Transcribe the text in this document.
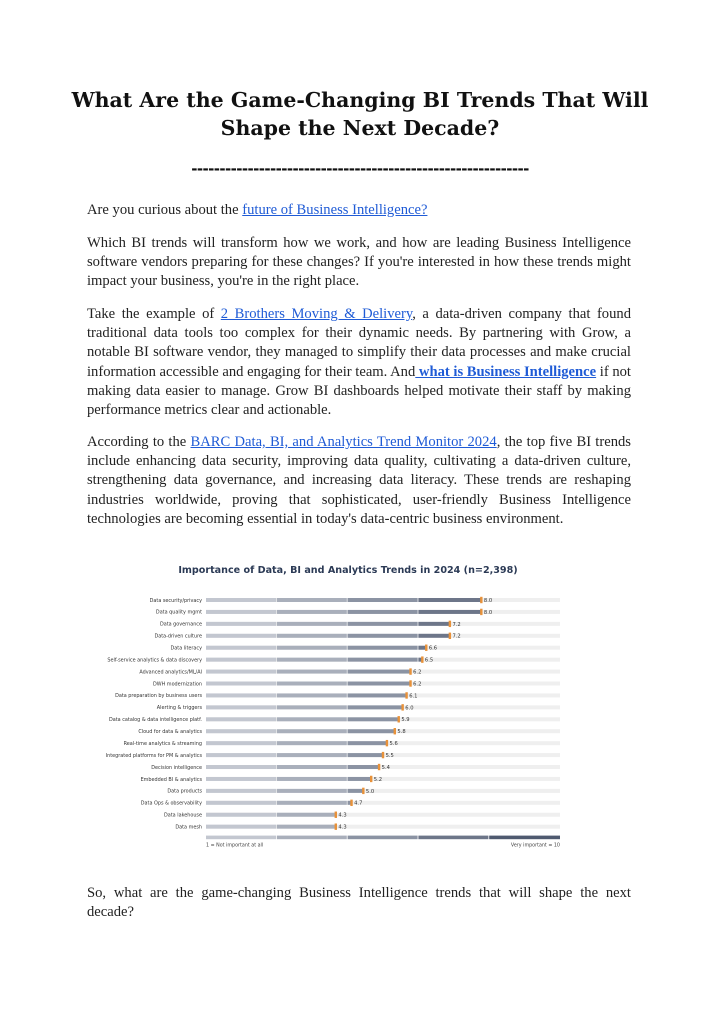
What Are the Game-Changing BI Trends That Will Shape the Next Decade?
------------------------------------------------------------

Are you curious about the future of Business Intelligence?

Which BI trends will transform how we work, and how are leading Business Intelligence software vendors preparing for these changes? If you're interested in how these trends might impact your business, you're in the right place.

Take the example of 2 Brothers Moving & Delivery, a data-driven company that found traditional data tools too complex for their dynamic needs. By partnering with Grow, a notable BI software vendor, they managed to simplify their data processes and make crucial information accessible and engaging for their team. And what is Business Intelligence if not making data easier to manage. Grow BI dashboards helped motivate their staff by making performance metrics clear and actionable.

According to the BARC Data, BI, and Analytics Trend Monitor 2024, the top five BI trends include enhancing data security, improving data quality, cultivating a data-driven culture, strengthening data governance, and increasing data literacy. These trends are reshaping industries worldwide, proving that sophisticated, user-friendly Business Intelligence technologies are becoming essential in today's data-centric business environment.

Importance of Data, BI and Analytics Trends in 2024 (n=2,398)
Data security/privacy	8.0
Data quality mgmt	8.0
Data governance	7.2
Data-driven culture	7.2
Data literacy	6.6
Self-service analytics & data discovery	6.5
Advanced analytics/ML/AI	6.2
DWH modernization	6.2
Data preparation by business users	6.1
Alerting & triggers	6.0
Data catalog & data intelligence platf.	5.9
Cloud for data & analytics	5.8
Real-time analytics & streaming	5.6
Integrated platforms for PM & analytics	5.5
Decision intelligence	5.4
Embedded BI & analytics	5.2
Data products	5.0
Data Ops & observability	4.7
Data lakehouse	4.3
Data mesh	4.3
1 = Not important at all	Very important = 10

So, what are the game-changing Business Intelligence trends that will shape the next decade?
